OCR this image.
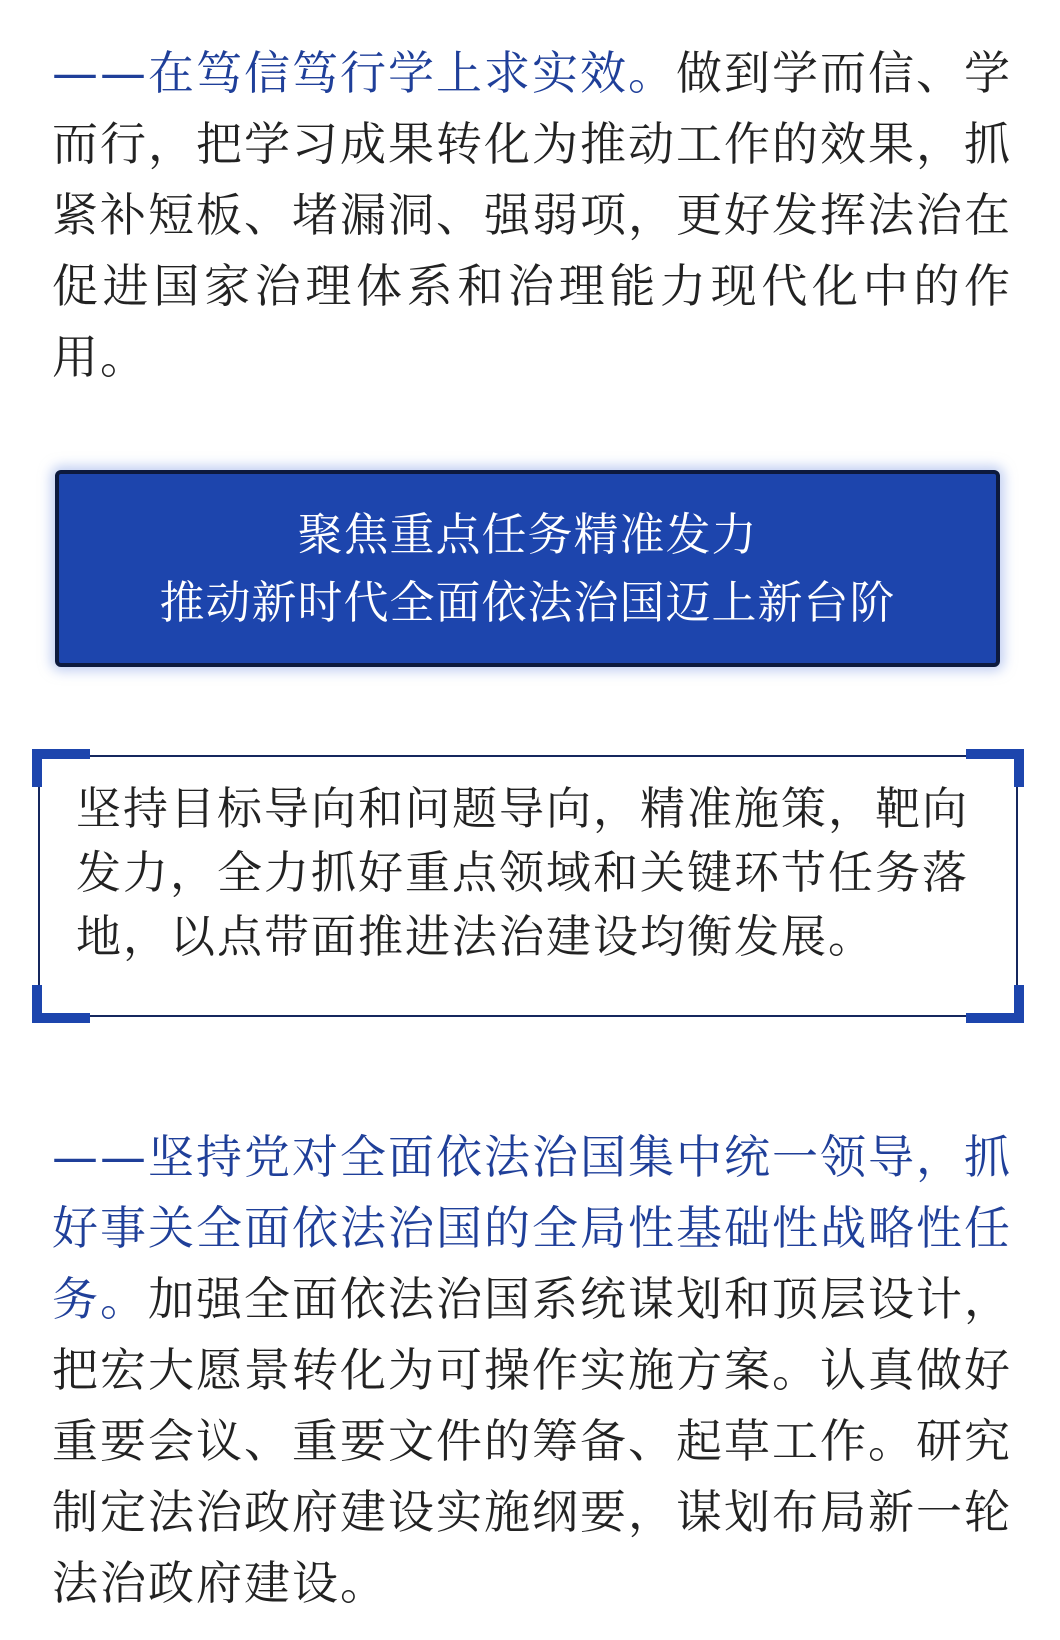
——在笃信笃行学上求实效。做到学而信、学而行，把学习成果转化为推动工作的效果，抓紧补短板、堵漏洞、强弱项，更好发挥法治在促进国家治理体系和治理能力现代化中的作用。

聚焦重点任务精准发力
推动新时代全面依法治国迈上新台阶

坚持目标导向和问题导向，精准施策，靶向发力，全力抓好重点领域和关键环节任务落地，以点带面推进法治建设均衡发展。

——坚持党对全面依法治国集中统一领导，抓好事关全面依法治国的全局性基础性战略性任务。加强全面依法治国系统谋划和顶层设计，把宏大愿景转化为可操作实施方案。认真做好重要会议、重要文件的筹备、起草工作。研究制定法治政府建设实施纲要，谋划布局新一轮法治政府建设。
